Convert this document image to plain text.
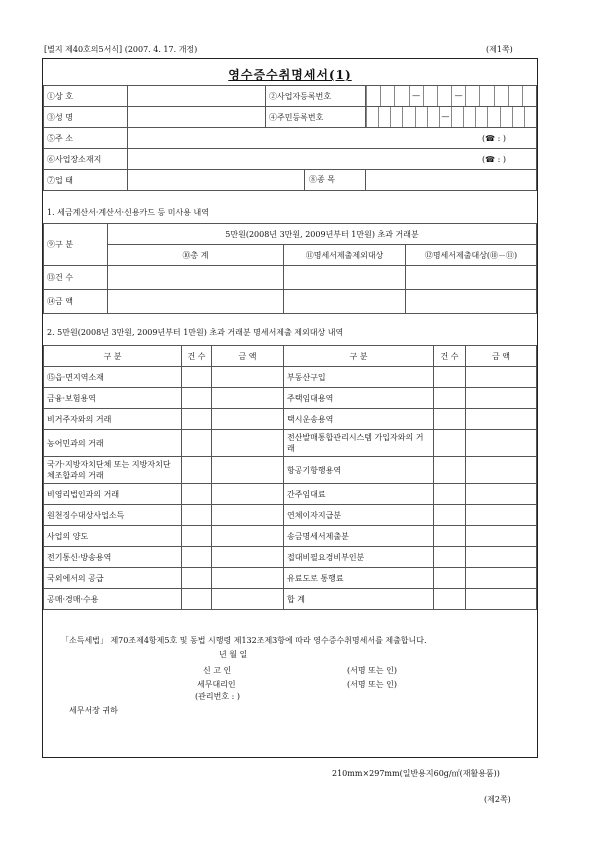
[별지 제40호의5서식] (2007. 4. 17. 개정)	(제1쪽)
영수증수취명세서(1)
①상 호		②사업자등록번호	— —

③성 명		④주민등록번호	—

⑤주 소	(☎ : )		
⑥사업장소재지	(☎ : )		
⑦업 태	⑧종 목		

1. 세금계산서·계산서·신용카드 등 미사용 내역
⑨구 분	5만원(2008년 3만원, 2009년부터 1만원) 초과 거래분		
	⑩총 계	⑪명세서제출제외대상	⑫명세서제출대상(⑩－⑪)
⑬건 수			
⑭금 액			
2. 5만원(2008년 3만원, 2009년부터 1만원) 초과 거래분 명세서제출 제외대상 내역
구 분	건 수	금 액	구 분	건 수	금 액
⑮읍·면지역소재			부동산구입		
금융·보험용역			주택임대용역		
비거주자와의 거래			택시운송용역		
농어민과의 거래			전산발매통합관리시스템 가입자와의 거래		
국가·지방자치단체 또는 지방자치단체조합과의 거래			항공기항행용역		
비영리법인과의 거래			간주임대료		
원천징수대상사업소득			연체이자지급분		
사업의 양도			송금명세서제출분		
전기통신·방송용역			접대비필요경비부인분		
국외에서의 공급			유료도로 통행료		
공매·경매·수용			합 계		
「소득세법」 제70조제4항제5호 및 동법 시행령 제132조제3항에 따라 영수증수취명세서를 제출합니다.
년 월 일
신 고 인	(서명 또는 인)
세무대리인	(서명 또는 인)
(관리번호 : )
세무서장 귀하
210mm×297mm(일반용지60g/㎡(재활용품))
(제2쪽)
